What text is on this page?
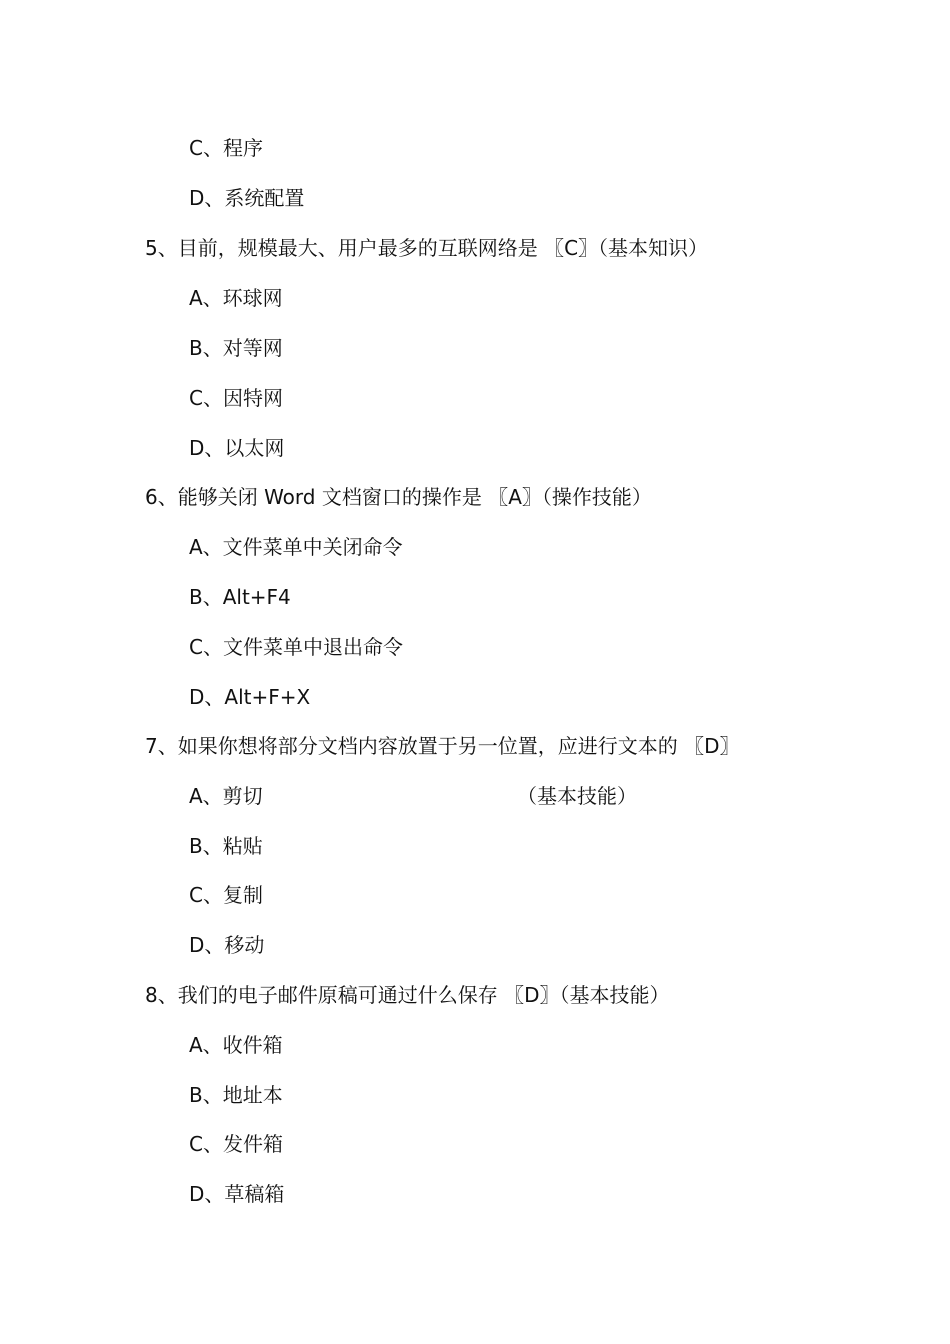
C、程序
D、系统配置
5、目前，规模最大、用户最多的互联网络是 〖C〗（基本知识）
A、环球网
B、对等网
C、因特网
D、以太网
6、能够关闭 Word 文档窗口的操作是 〖A〗（操作技能）
A、文件菜单中关闭命令
B、Alt+F4
C、文件菜单中退出命令
D、Alt+F+X
7、如果你想将部分文档内容放置于另一位置，应进行文本的 〖D〗
A、剪切	（基本技能）
B、粘贴
C、复制
D、移动
8、我们的电子邮件原稿可通过什么保存 〖D〗（基本技能）
A、收件箱
B、地址本
C、发件箱
D、草稿箱
